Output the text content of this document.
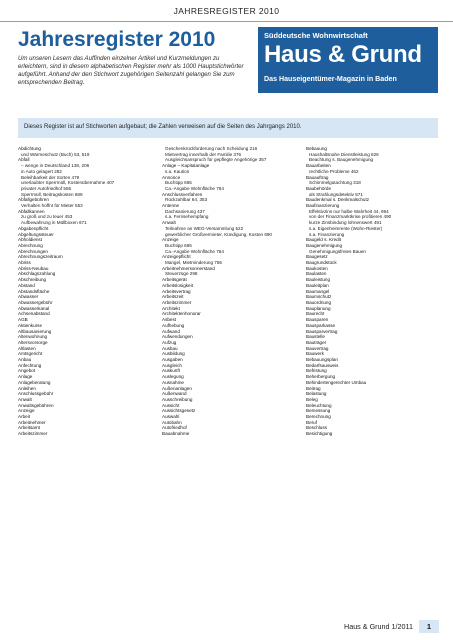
JAHRESREGISTER 2010
Jahresregister 2010
Um unseren Lesern das Auffinden einzelner Artikel und Kurzmeldungen zu erleichtern, sind in diesem alphabetischen Register mehr als 1000 Hauptstichwörter aufgeführt. Anhand der den Stichwort zugehörigen Seitenzahl gelangen Sie zum entsprechenden Beitrag.
Süddeutsche Wohnwirtschaft
Haus & Grund
Das Hauseigentümer-Magazin in Baden
Dieses Register ist auf Stichworten aufgebaut; die Zahlen verweisen auf die Seiten des Jahrgangs 2010.
Abdichtung
und Wärmeschutz (Buch) 53, 519
Abfall
– wenge in Deutschland 138, 206
in Auto gelagert 282
Beleihbarkeit der Sorten 479
unerlaubter Sperrmüll, Kostenübernahme 407
privater Autofriedhof 555
Sperrmüll, Beitragskosten 689
Abfallgebühren
Verhalten hoffnt für Mieter 553
Abfallkannen
zu groß und zu teuer 453
Aufbewahrung in Müllboxen 671
Abgabenpflicht
Abgeltungssteuer
Abholdienst
Abrechnung
Abrechnungen
Abrechnungszeitraum
Abriss
Abriss-Neubau
Abschlagszahlung
Abschreibung
Abstand
Abstandsfläche
Abwasser
Abwassergebühr
Abwasserkanal
Achsenabstand
AGB
Aktienkurse
Altbausanierung
Altenwohnung
Altersvorsorge
Altlasten
Amtsgericht
Anbau
Anfechtung
Angebot
Anlage
Anlageberatung
Anleihen
Anschlussgebühr
Anwalt
Anwaltsgebühren
Anzeige
Arbeit
Arbeitnehmer
Arbeitsamt
Arbeitszimmer
Geschenkrückforderung nach Scheidung 216
Mietvertrag innerhalb der Familie 376
Ausgleichsanspruch für gepflegte Angehörige 357
Anlage – Kapitalanlage
s.a. Kaution
Annonce
Buchtipp 665
Ca.-Angabe Wohnfläche 764
Anschlussverfahren
Rückzahlbar 64, 353
Antenne
Dachsanierung 437
s.a. Fernsehempfang
Anwalt
Teilnahme an WEG-Versammlung 522
gewerblicher Großvermieter, Kündigung, Kosten 690
Anzeige
Buchtipp 665
Ca.-Angabe Wohnfläche 764
Anzeigepflicht
Mangel, Mietminderung 756
Arbeitnehmersonnerstand
Steuerzüge 298
Arbeitsgerät
Arbeitslosigkeit
Arbeitsvertrag
Arbeitszeit
Arbeitszimmer
Architekt
Architektenhonorar
Asbest
Aufhebung
Aufwand
Aufwendungen
Aufzug
Ausbau
Ausbildung
Ausgaben
Ausgleich
Auskunft
Auslegung
Ausnahme
Außenanlagen
Außenwand
Ausschreibung
Aussicht
Aussichtsgesetz
Auswahl
Autobahn
Autofriedhof
Bauabnahme
Bebauung
Haushaltsnahe Dienstleistung 826
Beachtung s. Baugenehmigung
Bauarbeiten
rechtliche Probleme 462
Bauauftrag
Schimmelgutachtung 318
Baubehörde
als Strahlungsdetektiv 571
Baudenkmal s. Denkmalschutz
Baufinanzierung
Effektivzins nur halbe Wahrheit 44, 694
von der Finanzmarktkrise profitieren 490
kurze Zinsbindung lohnenswert 491
s.a. Eigenheimrente (Wohn-Riester)
s.a. Finanzierung
Baugeld s. Kredit
Baugenehmigung
Genehmigungsfreies Bauen
Baugesetz
Baugrundstück
Baukosten
Baulasten
Bauleistung
Bauleitplan
Baumangel
Baumschutz
Bauordnung
Bauplanung
Baurecht
Bausparen
Bausparkasse
Bausparvertrag
Baustelle
Bauträger
Bauvertrag
Bauwerk
Bebauungsplan
Bedarfsausweis
Befristung
Beherbergung
Behindertengerechter Umbau
Beitrag
Belastung
Beleg
Beleuchtung
Bemessung
Berechnung
Beruf
Beschluss
Besichtigung
Haus & Grund 1/2011	1
